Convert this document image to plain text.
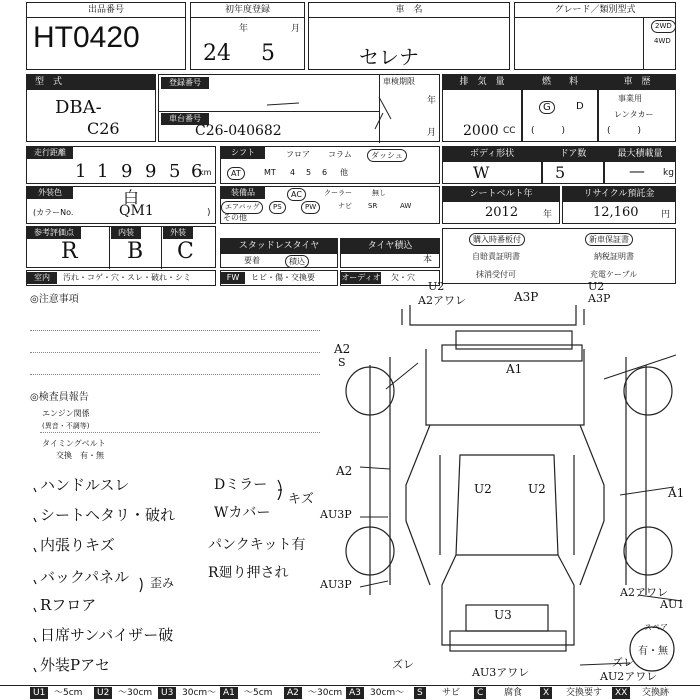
出品番号
HT0420
初年度登録
年	月
24 5
車　名
セレナ
グレード／類別型式
2WD
4WD
型　式
DBA-
C26
登録番号
車台番号
C26-040682
車検期限
年
月
排　気　量
2000 CC
燃　　料
G	D
(　　　)
車　歴
事業用
レンタカー
(　　　)
走行距離
1 1 9 9 5 6
km
シフト	フロア	コラム	ダッシュ
AT	MT	4	5	6	他
ボディ形状
W
ドア数
5
最大積載量
— kg
外装色	白
(カラーNo.	QM1	)
装備品	AC	クーラー	無し
エアバッグ	PS	PW	ナビ	SR	AW
その他
シートベルト年
2012	年
リサイクル預託金
12,160	円
参考評価点	内装	外装
R B C	スタッドレスタイヤ
要着	積込
タイヤ積込
本
購入時番板付
自賠責証明書
抹消受付可
新車保証書
納税証明書
充電ケーブル
室内	汚れ・コゲ・穴・スレ・破れ・シミ	FW	ヒビ・傷・交換要	オーディオ 欠・穴
◎注意事項
◎検査員報告
エンジン関係
(異音・不調等)
タイミングベルト
交換　有・無
ハンドルスレ
シートヘタリ・破れ
内張りキズ
バックパネル
Rフロア
日席サンバイザー破
外装Pアセ
歪み
Dミラー
Wカバー
パンクキット有
R廻り押され
キズ
U2
A2アワレ	A3P
U2
A3P
A2
S	A1
A2
U2	U2	A1
AU3P
AU3P
A2アワレ
U3
AU1
ズレ
AU3アワレ	AU2アワレ
ズレ
スペア
有・無
U1 〜5cm	U2 〜30cm U3 30cm〜 A1	〜5cm	A2	〜30cm A3	30cm〜	S	サビ	C	腐食	X	交換要す	XX	交換跡
